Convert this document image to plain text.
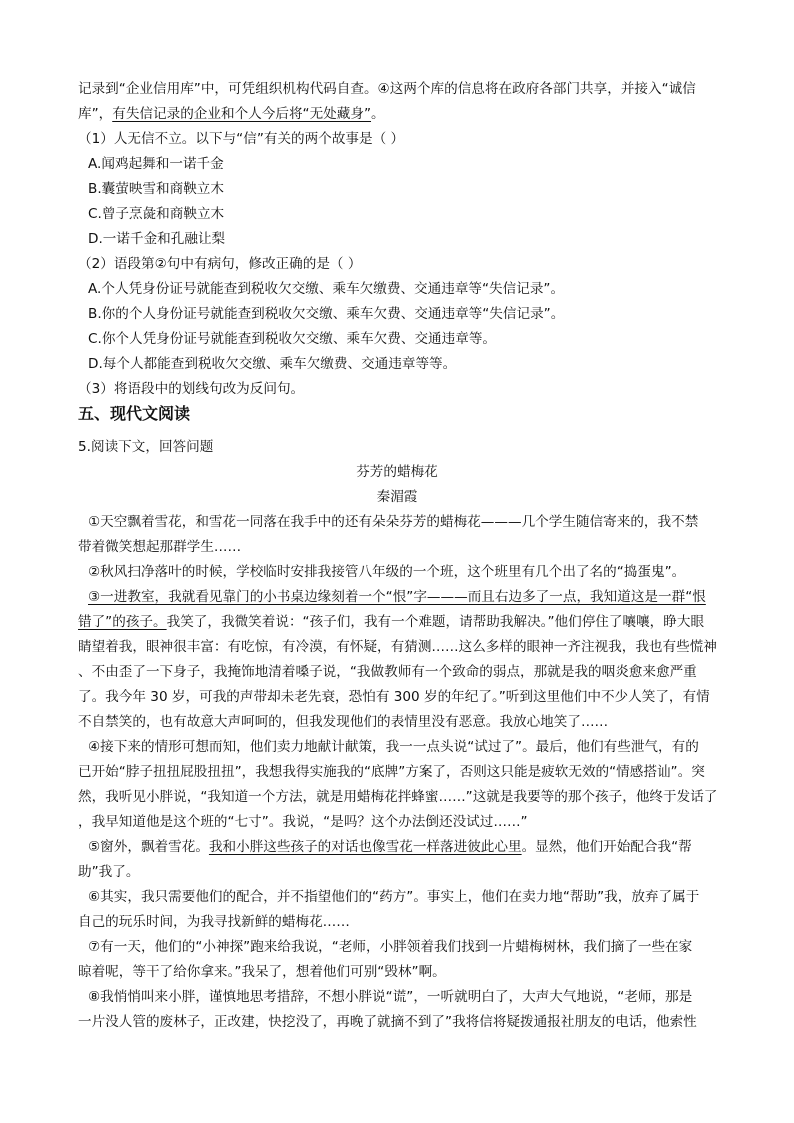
记录到“企业信用库”中，可凭组织机构代码自查。④这两个库的信息将在政府各部门共享，并接入“诚信
库”，有失信记录的企业和个人今后将“无处藏身”。
（1）人无信不立。以下与“信”有关的两个故事是（ ）
A.闻鸡起舞和一诺千金
B.囊萤映雪和商鞅立木
C.曾子烹彘和商鞅立木
D.一诺千金和孔融让梨
（2）语段第②句中有病句，修改正确的是（ ）
A.个人凭身份证号就能查到税收欠交缴、乘车欠缴费、交通违章等“失信记录”。
B.你的个人身份证号就能查到税收欠交缴、乘车欠费、交通违章等“失信记录”。
C.你个人凭身份证号就能查到税收欠交缴、乘车欠费、交通违章等。
D.每个人都能查到税收欠交缴、乘车欠缴费、交通违章等等。
（3）将语段中的划线句改为反问句。
五、现代文阅读
5.阅读下文，回答问题
芬芳的蜡梅花
秦湄霞
①天空飘着雪花，和雪花一同落在我手中的还有朵朵芬芳的蜡梅花———几个学生随信寄来的，我不禁
带着微笑想起那群学生……
②秋风扫净落叶的时候，学校临时安排我接管八年级的一个班，这个班里有几个出了名的“捣蛋鬼”。
③一进教室，我就看见靠门的小书桌边缘刻着一个“恨”字———而且右边多了一点，我知道这是一群“恨
错了”的孩子。我笑了，我微笑着说：“孩子们，我有一个难题，请帮助我解决。”他们停住了嚷嚷，睁大眼
睛望着我，眼神很丰富：有吃惊，有冷漠，有怀疑，有猜测……这么多样的眼神一齐注视我，我也有些慌神
、不由歪了一下身子，我掩饰地清着嗓子说，“我做教师有一个致命的弱点，那就是我的咽炎愈来愈严重
了。我今年 30 岁，可我的声带却未老先衰，恐怕有 300 岁的年纪了。”听到这里他们中不少人笑了，有情
不自禁笑的，也有故意大声呵呵的，但我发现他们的表情里没有恶意。我放心地笑了……
④接下来的情形可想而知，他们卖力地献计献策，我一一点头说“试过了”。最后，他们有些泄气，有的
已开始“脖子扭扭屁股扭扭”，我想我得实施我的“底牌”方案了，否则这只能是疲软无效的“情感搭讪”。突
然，我听见小胖说，“我知道一个方法，就是用蜡梅花拌蜂蜜……”这就是我要等的那个孩子，他终于发话了
，我早知道他是这个班的“七寸”。我说，“是吗？这个办法倒还没试过……”
⑤窗外，飘着雪花。我和小胖这些孩子的对话也像雪花一样落进彼此心里。显然，他们开始配合我“帮
助”我了。
⑥其实，我只需要他们的配合，并不指望他们的“药方”。事实上，他们在卖力地“帮助”我，放弃了属于
自己的玩乐时间，为我寻找新鲜的蜡梅花……
⑦有一天，他们的“小神探”跑来给我说，“老师，小胖领着我们找到一片蜡梅树林，我们摘了一些在家
晾着呢，等干了给你拿来。”我呆了，想着他们可别“毁林”啊。
⑧我悄悄叫来小胖，谨慎地思考措辞，不想小胖说“谎”，一听就明白了，大声大气地说，“老师，那是
一片没人管的废林子，正改建，快挖没了，再晚了就摘不到了”我将信将疑拨通报社朋友的电话，他索性
